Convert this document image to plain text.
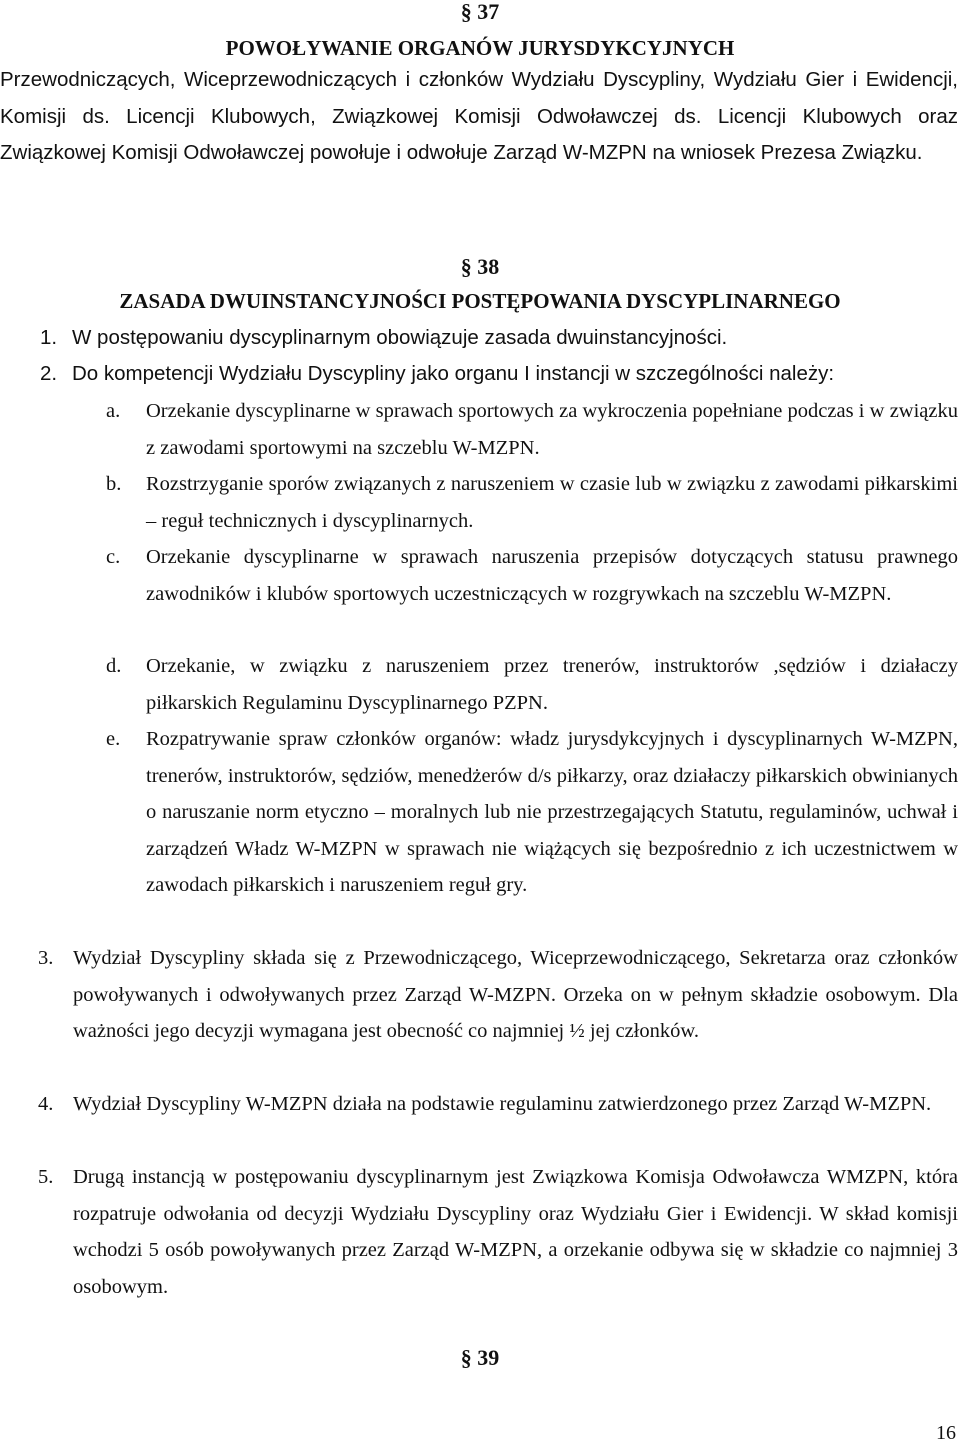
§ 37
POWOŁYWANIE ORGANÓW JURYSDYKCYJNYCH
Przewodniczących, Wiceprzewodniczących i członków Wydziału Dyscypliny, Wydziału Gier i Ewidencji, Komisji ds. Licencji Klubowych, Związkowej Komisji Odwoławczej ds. Licencji Klubowych oraz Związkowej Komisji Odwoławczej powołuje i odwołuje Zarząd W-MZPN na wniosek Prezesa Związku.
§ 38
ZASADA DWUINSTANCYJNOŚCI POSTĘPOWANIA DYSCYPLINARNEGO
1. W postępowaniu dyscyplinarnym obowiązuje zasada dwuinstancyjności.
2. Do kompetencji Wydziału Dyscypliny jako organu I instancji w szczególności należy:
a. Orzekanie dyscyplinarne w sprawach sportowych za wykroczenia popełniane podczas i w związku z zawodami sportowymi na szczeblu W-MZPN.
b. Rozstrzyganie sporów związanych z naruszeniem w czasie lub w związku z zawodami piłkarskimi – reguł technicznych i dyscyplinarnych.
c. Orzekanie dyscyplinarne w sprawach naruszenia przepisów dotyczących statusu prawnego zawodników i klubów sportowych uczestniczących w rozgrywkach na szczeblu W-MZPN.
d. Orzekanie, w związku z naruszeniem przez trenerów, instruktorów ,sędziów i działaczy piłkarskich Regulaminu Dyscyplinarnego PZPN.
e. Rozpatrywanie spraw członków organów: władz jurysdykcyjnych i dyscyplinarnych W-MZPN, trenerów, instruktorów, sędziów, menedżerów d/s piłkarzy, oraz działaczy piłkarskich obwinianych o naruszanie norm etyczno – moralnych lub nie przestrzegających Statutu, regulaminów, uchwał i zarządzeń Władz W-MZPN w sprawach nie wiążących się bezpośrednio z ich uczestnictwem w zawodach piłkarskich i naruszeniem reguł gry.
3. Wydział Dyscypliny składa się z Przewodniczącego, Wiceprzewodniczącego, Sekretarza oraz członków powoływanych i odwoływanych przez Zarząd W-MZPN. Orzeka on w pełnym składzie osobowym. Dla ważności jego decyzji wymagana jest obecność co najmniej ½ jej członków.
4. Wydział Dyscypliny W-MZPN działa na podstawie regulaminu zatwierdzonego przez Zarząd W-MZPN.
5. Drugą instancją w postępowaniu dyscyplinarnym jest Związkowa Komisja Odwoławcza WMZPN, która rozpatruje odwołania od decyzji Wydziału Dyscypliny oraz Wydziału Gier i Ewidencji. W skład komisji wchodzi 5 osób powoływanych przez Zarząd W-MZPN, a orzekanie odbywa się w składzie co najmniej 3 osobowym.
§ 39
16
